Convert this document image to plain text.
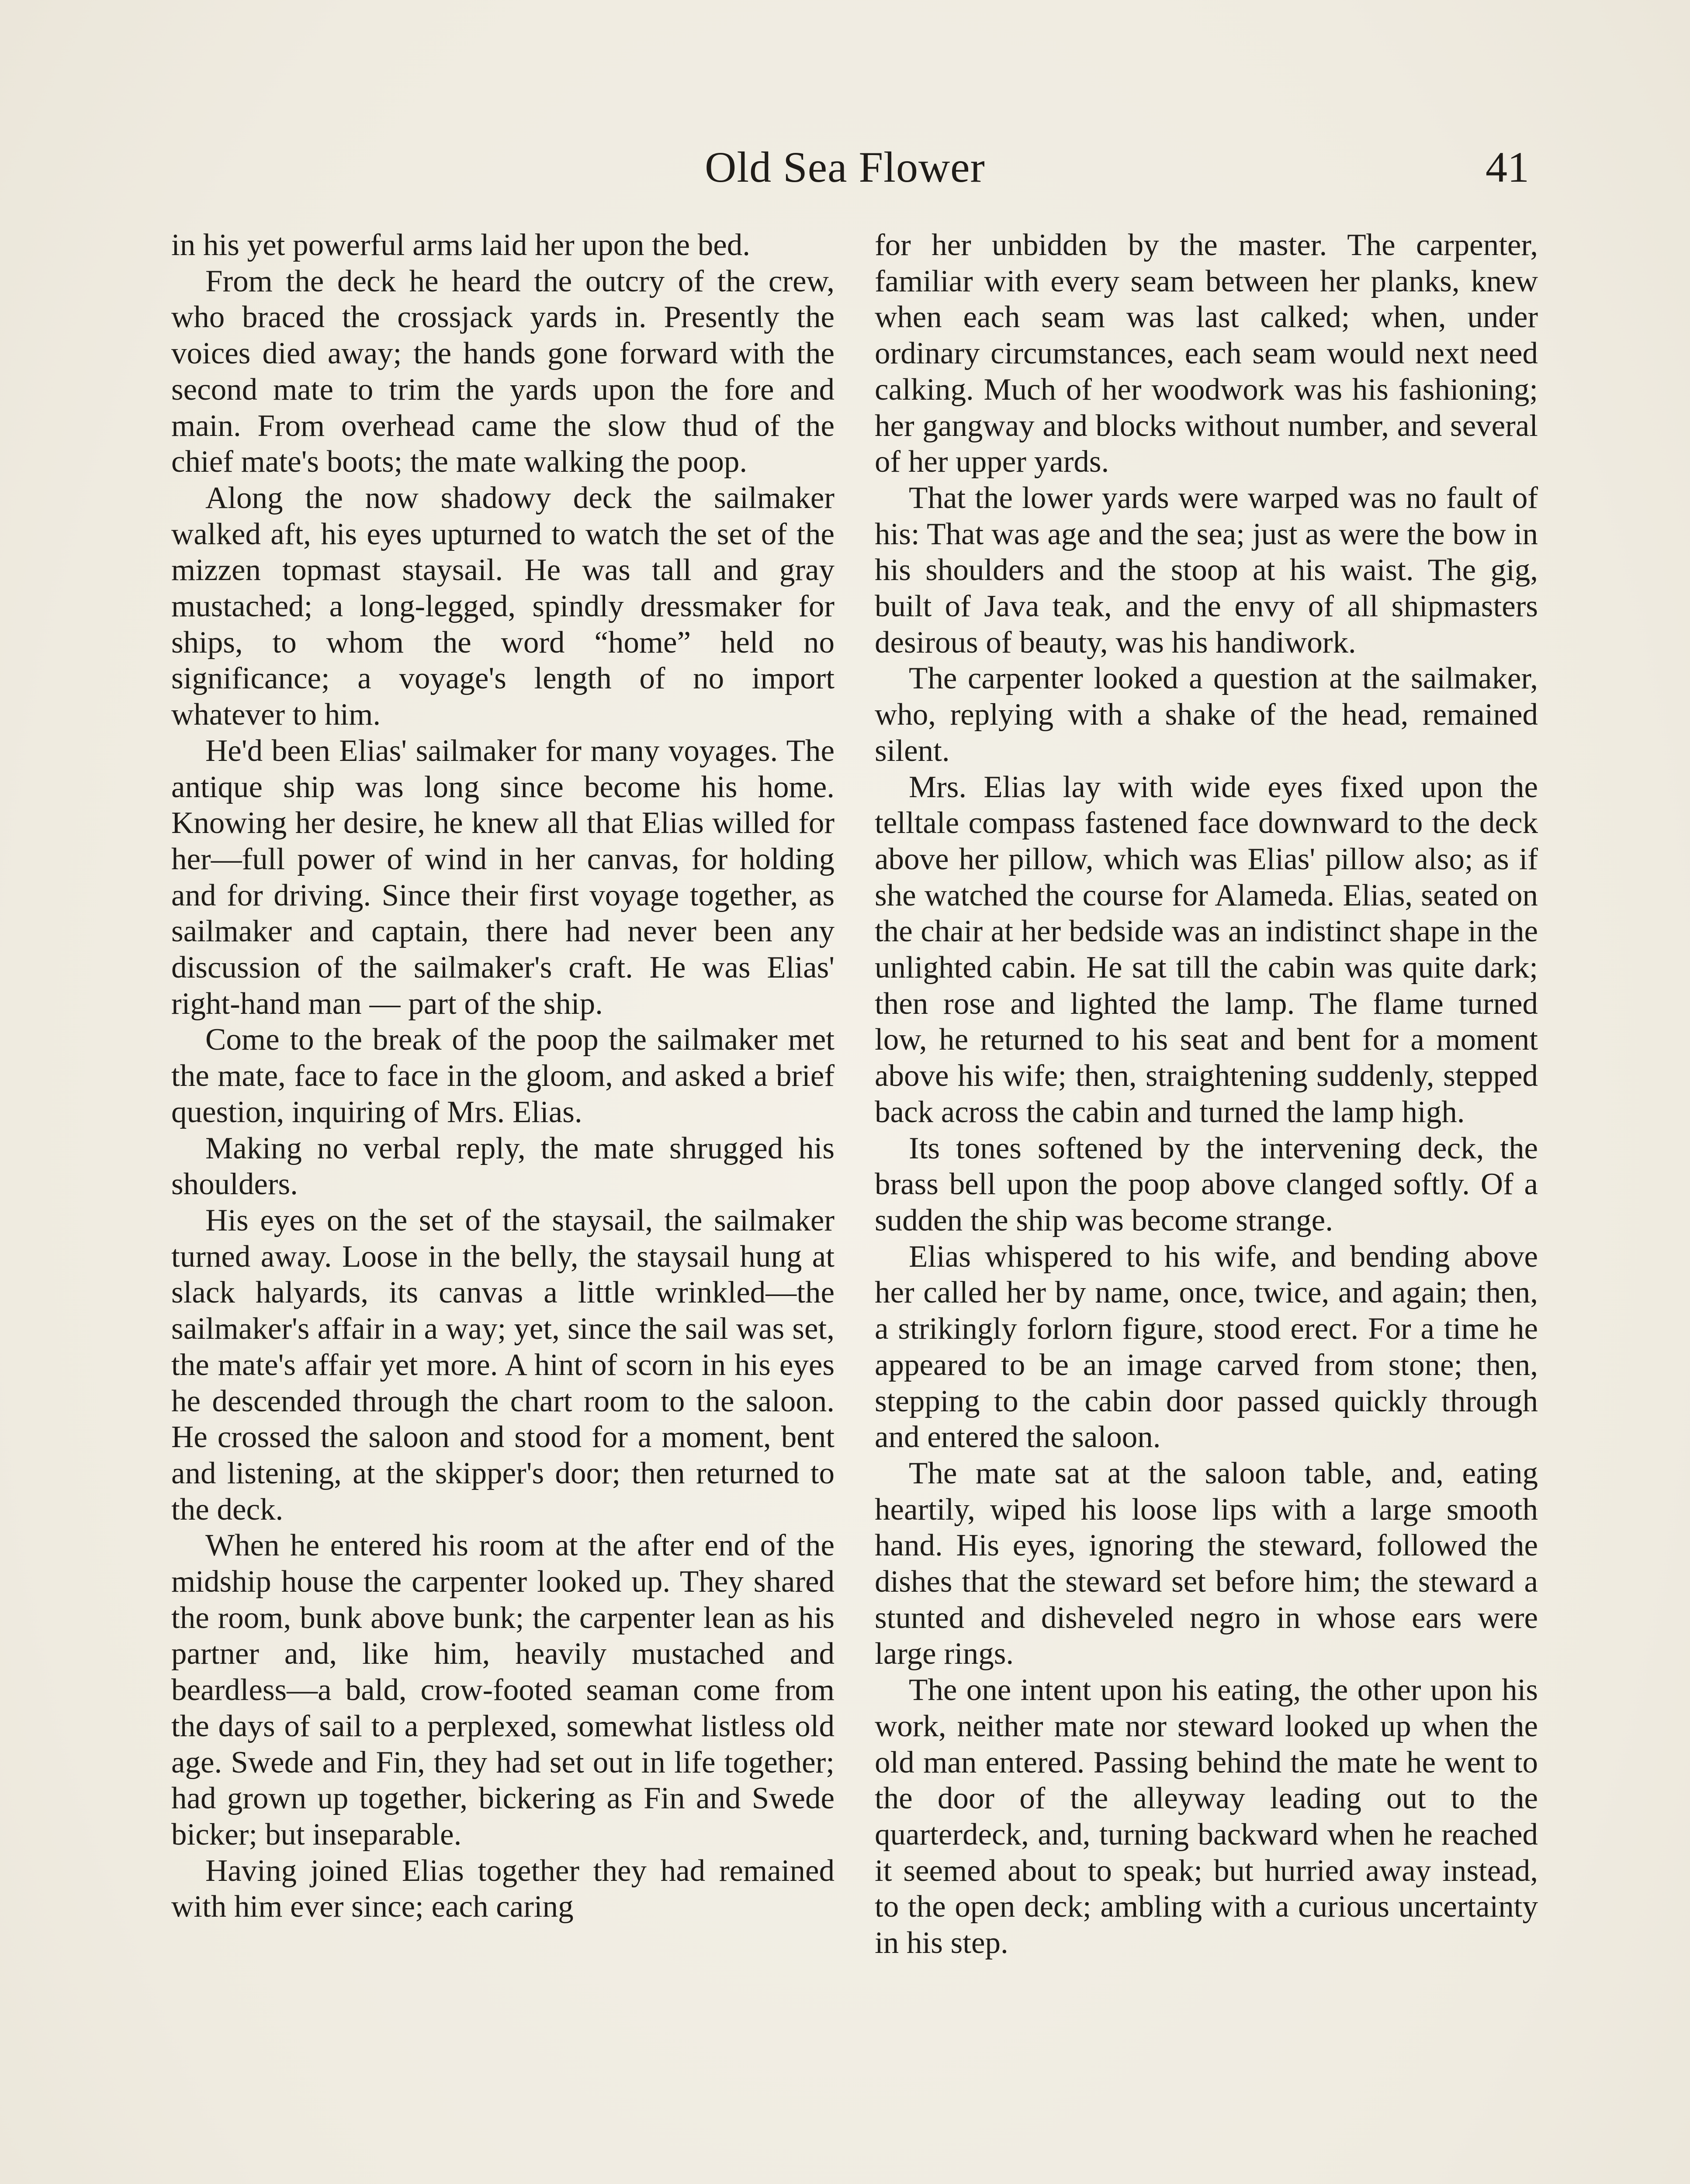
Old Sea Flower	41

in his yet powerful arms laid her upon the bed.

From the deck he heard the outcry of the crew, who braced the crossjack yards in. Presently the voices died away; the hands gone forward with the second mate to trim the yards upon the fore and main. From overhead came the slow thud of the chief mate's boots; the mate walking the poop.

Along the now shadowy deck the sailmaker walked aft, his eyes upturned to watch the set of the mizzen topmast staysail. He was tall and gray mustached; a long-legged, spindly dressmaker for ships, to whom the word “home” held no significance; a voyage's length of no import whatever to him.

He'd been Elias' sailmaker for many voyages. The antique ship was long since become his home. Knowing her desire, he knew all that Elias willed for her—full power of wind in her canvas, for holding and for driving. Since their first voyage together, as sailmaker and captain, there had never been any discussion of the sailmaker's craft. He was Elias' right-hand man — part of the ship.

Come to the break of the poop the sailmaker met the mate, face to face in the gloom, and asked a brief question, inquiring of Mrs. Elias.

Making no verbal reply, the mate shrugged his shoulders.

His eyes on the set of the staysail, the sailmaker turned away. Loose in the belly, the staysail hung at slack halyards, its canvas a little wrinkled—the sailmaker's affair in a way; yet, since the sail was set, the mate's affair yet more. A hint of scorn in his eyes he descended through the chart room to the saloon. He crossed the saloon and stood for a moment, bent and listening, at the skipper's door; then returned to the deck.

When he entered his room at the after end of the midship house the carpenter looked up. They shared the room, bunk above bunk; the carpenter lean as his partner and, like him, heavily mustached and beardless—a bald, crow-footed seaman come from the days of sail to a perplexed, somewhat listless old age. Swede and Fin, they had set out in life together; had grown up together, bickering as Fin and Swede bicker; but inseparable.

Having joined Elias together they had remained with him ever since; each caring

for her unbidden by the master. The carpenter, familiar with every seam between her planks, knew when each seam was last calked; when, under ordinary circumstances, each seam would next need calking. Much of her woodwork was his fashioning; her gangway and blocks without number, and several of her upper yards.

That the lower yards were warped was no fault of his: That was age and the sea; just as were the bow in his shoulders and the stoop at his waist. The gig, built of Java teak, and the envy of all shipmasters desirous of beauty, was his handiwork.

The carpenter looked a question at the sailmaker, who, replying with a shake of the head, remained silent.

Mrs. Elias lay with wide eyes fixed upon the telltale compass fastened face downward to the deck above her pillow, which was Elias' pillow also; as if she watched the course for Alameda. Elias, seated on the chair at her bedside was an indistinct shape in the unlighted cabin. He sat till the cabin was quite dark; then rose and lighted the lamp. The flame turned low, he returned to his seat and bent for a moment above his wife; then, straightening suddenly, stepped back across the cabin and turned the lamp high.

Its tones softened by the intervening deck, the brass bell upon the poop above clanged softly. Of a sudden the ship was become strange.

Elias whispered to his wife, and bending above her called her by name, once, twice, and again; then, a strikingly forlorn figure, stood erect. For a time he appeared to be an image carved from stone; then, stepping to the cabin door passed quickly through and entered the saloon.

The mate sat at the saloon table, and, eating heartily, wiped his loose lips with a large smooth hand. His eyes, ignoring the steward, followed the dishes that the steward set before him; the steward a stunted and disheveled negro in whose ears were large rings.

The one intent upon his eating, the other upon his work, neither mate nor steward looked up when the old man entered. Passing behind the mate he went to the door of the alleyway leading out to the quarterdeck, and, turning backward when he reached it seemed about to speak; but hurried away instead, to the open deck; ambling with a curious uncertainty in his step.
